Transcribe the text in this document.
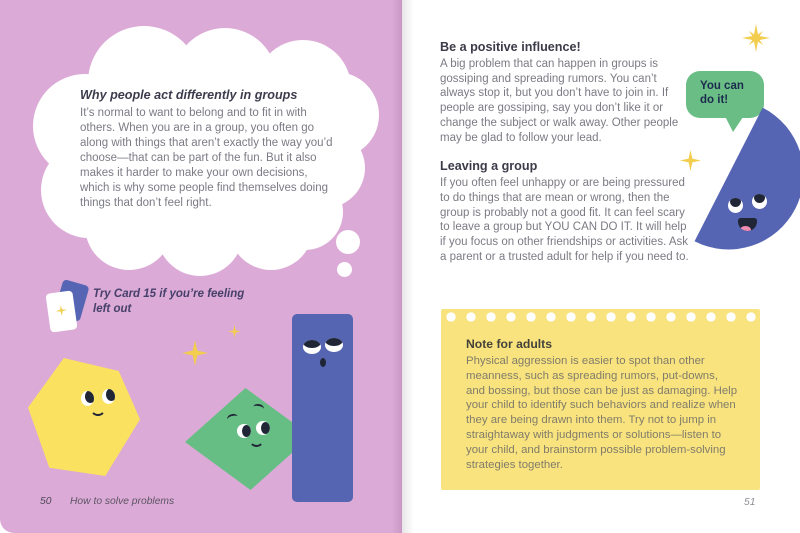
Why people act differently in groups

It’s normal to want to belong and to fit in with others. When you are in a group, you often go along with things that aren’t exactly the way you’d choose—that can be part of the fun. But it also makes it harder to make your own decisions, which is why some people find themselves doing things that don’t feel right.

Try Card 15 if you’re feeling left out

50 How to solve problems
Be a positive influence!

A big problem that can happen in groups is gossiping and spreading rumors. You can’t always stop it, but you don’t have to join in. If people are gossiping, say you don’t like it or change the subject or walk away. Other people may be glad to follow your lead.

Leaving a group

If you often feel unhappy or are being pressured to do things that are mean or wrong, then the group is probably not a good fit. It can feel scary to leave a group but YOU CAN DO IT. It will help if you focus on other friendships or activities. Ask a parent or a trusted adult for help if you need to.

You can do it!

Note for adults

Physical aggression is easier to spot than other meanness, such as spreading rumors, put-downs, and bossing, but those can be just as damaging. Help your child to identify such behaviors and realize when they are being drawn into them. Try not to jump in straightaway with judgments or solutions—listen to your child, and brainstorm possible problem-solving strategies together.

51
